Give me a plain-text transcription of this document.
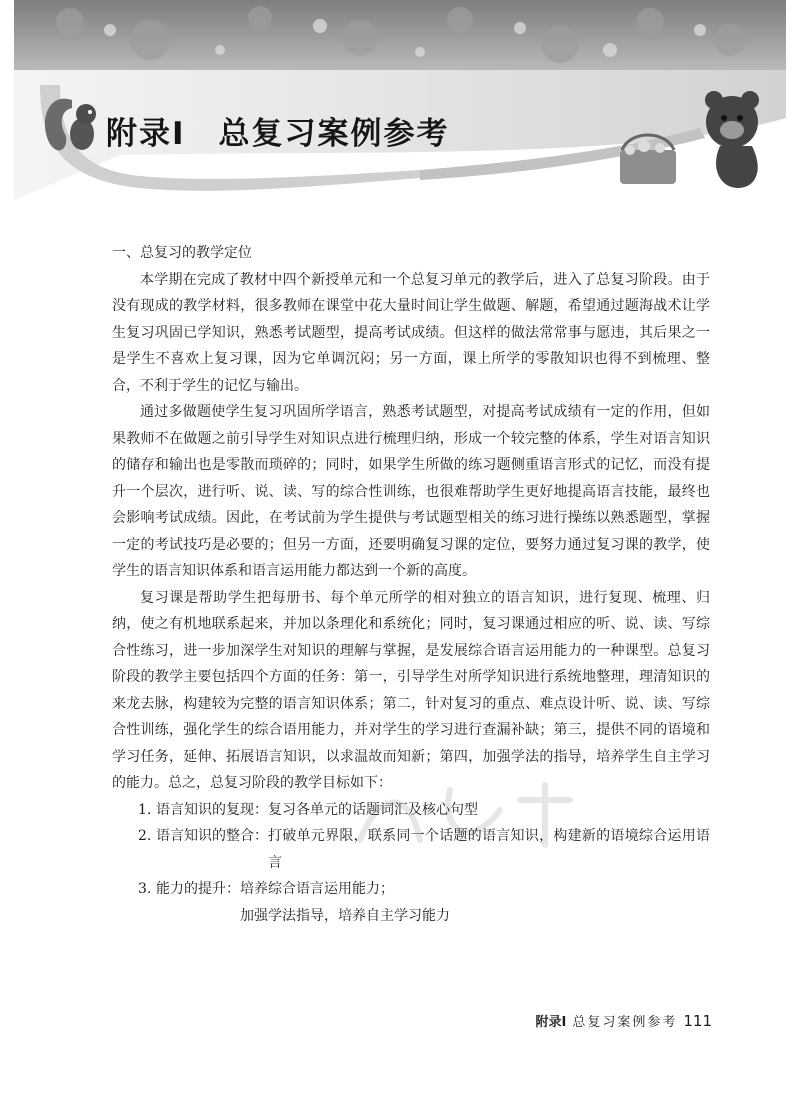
附录Ⅰ　总复习案例参考

一、总复习的教学定位

本学期在完成了教材中四个新授单元和一个总复习单元的教学后，进入了总复习阶段。由于没有现成的教学材料，很多教师在课堂中花大量时间让学生做题、解题，希望通过题海战术让学生复习巩固已学知识，熟悉考试题型，提高考试成绩。但这样的做法常常事与愿违，其后果之一是学生不喜欢上复习课，因为它单调沉闷；另一方面，课上所学的零散知识也得不到梳理、整合，不利于学生的记忆与输出。

通过多做题使学生复习巩固所学语言，熟悉考试题型，对提高考试成绩有一定的作用，但如果教师不在做题之前引导学生对知识点进行梳理归纳，形成一个较完整的体系，学生对语言知识的储存和输出也是零散而琐碎的；同时，如果学生所做的练习题侧重语言形式的记忆，而没有提升一个层次，进行听、说、读、写的综合性训练，也很难帮助学生更好地提高语言技能，最终也会影响考试成绩。因此，在考试前为学生提供与考试题型相关的练习进行操练以熟悉题型，掌握一定的考试技巧是必要的；但另一方面，还要明确复习课的定位，要努力通过复习课的教学，使学生的语言知识体系和语言运用能力都达到一个新的高度。

复习课是帮助学生把每册书、每个单元所学的相对独立的语言知识，进行复现、梳理、归纳，使之有机地联系起来，并加以条理化和系统化；同时，复习课通过相应的听、说、读、写综合性练习，进一步加深学生对知识的理解与掌握，是发展综合语言运用能力的一种课型。总复习阶段的教学主要包括四个方面的任务：第一，引导学生对所学知识进行系统地整理，理清知识的来龙去脉，构建较为完整的语言知识体系；第二，针对复习的重点、难点设计听、说、读、写综合性训练，强化学生的综合语用能力，并对学生的学习进行查漏补缺；第三，提供不同的语境和学习任务，延伸、拓展语言知识，以求温故而知新；第四，加强学法的指导，培养学生自主学习的能力。总之，总复习阶段的教学目标如下：

1. 语言知识的复现： 复习各单元的话题词汇及核心句型
2. 语言知识的整合： 打破单元界限，联系同一个话题的语言知识，构建新的语境综合运用语言
3. 能力的提升： 培养综合语言运用能力；
加强学法指导，培养自主学习能力
附录Ⅰ 总复习案例参考 111
